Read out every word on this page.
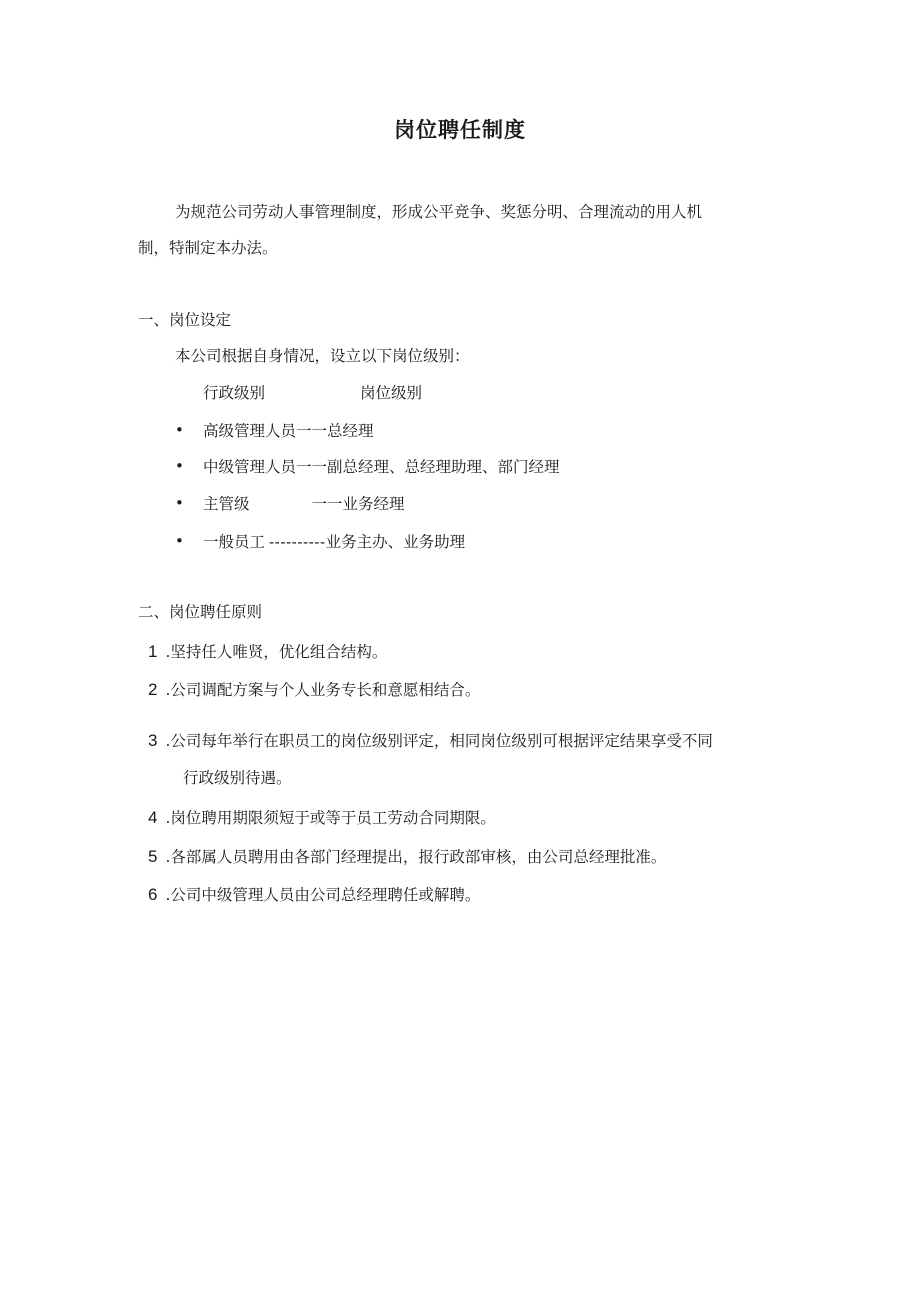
岗位聘任制度
为规范公司劳动人事管理制度，形成公平竞争、奖惩分明、合理流动的用人机
制，特制定本办法。
一、岗位设定
本公司根据自身情况，设立以下岗位级别：
行政级别	岗位级别
• 高级管理人员一一总经理
• 中级管理人员一一副总经理、总经理助理、部门经理
• 主管级	一一业务经理
• 一般员工 ----------业务主办、业务助理
二、岗位聘任原则
1 .坚持任人唯贤，优化组合结构。
2 .公司调配方案与个人业务专长和意愿相结合。
3 .公司每年举行在职员工的岗位级别评定，相同岗位级别可根据评定结果享受不同
行政级别待遇。
4 .岗位聘用期限须短于或等于员工劳动合同期限。
5 .各部属人员聘用由各部门经理提出，报行政部审核，由公司总经理批准。
6 .公司中级管理人员由公司总经理聘任或解聘。
